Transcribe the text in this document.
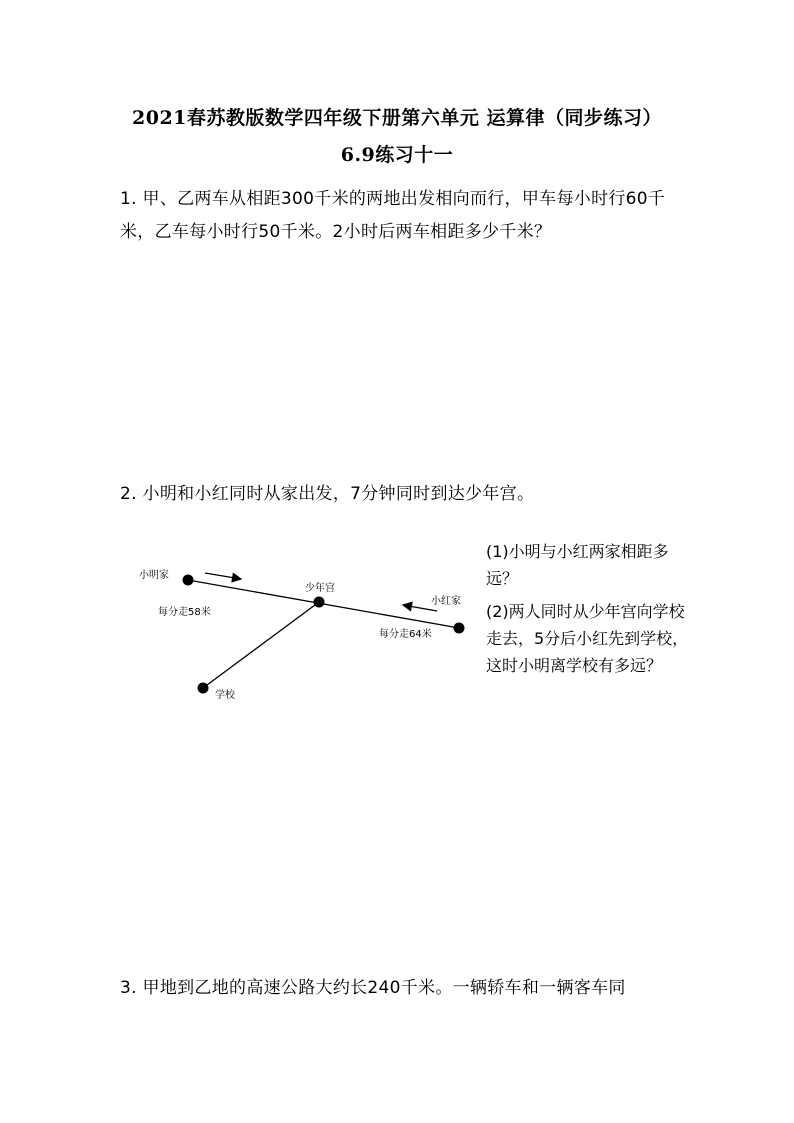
2021春苏教版数学四年级下册第六单元 运算律（同步练习）
6.9练习十一
1. 甲、乙两车从相距300千米的两地出发相向而行，甲车每小时行60千米，乙车每小时行50千米。2小时后两车相距多少千米？
2. 小明和小红同时从家出发，7分钟同时到达少年宫。
(1)小明与小红两家相距多远？
(2)两人同时从少年宫向学校走去，5分后小红先到学校， 这时小明离学校有多远？
小明家
少年宫
小红家
每分走58米
每分走64米
学校
3. 甲地到乙地的高速公路大约长240千米。一辆轿车和一辆客车同
